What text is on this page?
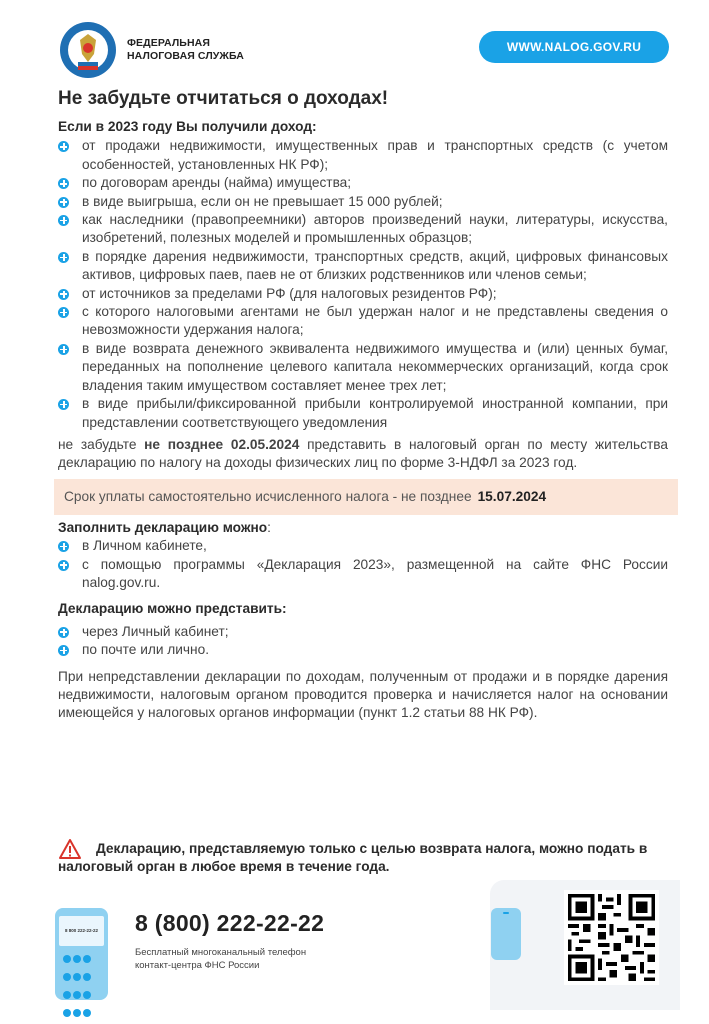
ФЕДЕРАЛЬНАЯ
НАЛОГОВАЯ СЛУЖБА
WWW.NALOG.GOV.RU
Не забудьте отчитаться о доходах!
Если в 2023 году Вы получили доход:
от продажи недвижимости, имущественных прав и транспортных средств (с учетом особенностей, установленных НК РФ);
по договорам аренды (найма) имущества;
в виде выигрыша, если он не превышает 15 000 рублей;
как наследники (правопреемники) авторов произведений науки, литературы, искусства, изобретений, полезных моделей и промышленных образцов;
в порядке дарения недвижимости, транспортных средств, акций, цифровых финансовых активов, цифровых паев, паев не от близких родственников или членов семьи;
от источников за пределами РФ (для налоговых резидентов РФ);
с которого налоговыми агентами не был удержан налог и не представлены сведения о невозможности удержания налога;
в виде возврата денежного эквивалента недвижимого имущества и (или) ценных бумаг, переданных на пополнение целевого капитала некоммерческих организаций, когда срок владения таким имуществом составляет менее трех лет;
в виде прибыли/фиксированной прибыли контролируемой иностранной компании, при представлении соответствующего уведомления
не забудьте не позднее 02.05.2024 представить в налоговый орган по месту жительства декларацию по налогу на доходы физических лиц по форме 3-НДФЛ за 2023 год.
Срок уплаты самостоятельно исчисленного налога - не позднее 15.07.2024
Заполнить декларацию можно:
в Личном кабинете,
с помощью программы «Декларация 2023», размещенной на сайте ФНС России nalog.gov.ru.
Декларацию можно представить:
через Личный кабинет;
по почте или лично.
При непредставлении декларации по доходам, полученным от продажи и в порядке дарения недвижимости, налоговым органом проводится проверка и начисляется налог на основании имеющейся у налоговых органов информации (пункт 1.2 статьи 88 НК РФ).
Декларацию, представляемую только с целью возврата налога, можно подать в налоговый орган в любое время в течение года.
8 800 222-22-22
8 (800) 222-22-22
Бесплатный многоканальный телефон
контакт-центра ФНС России
